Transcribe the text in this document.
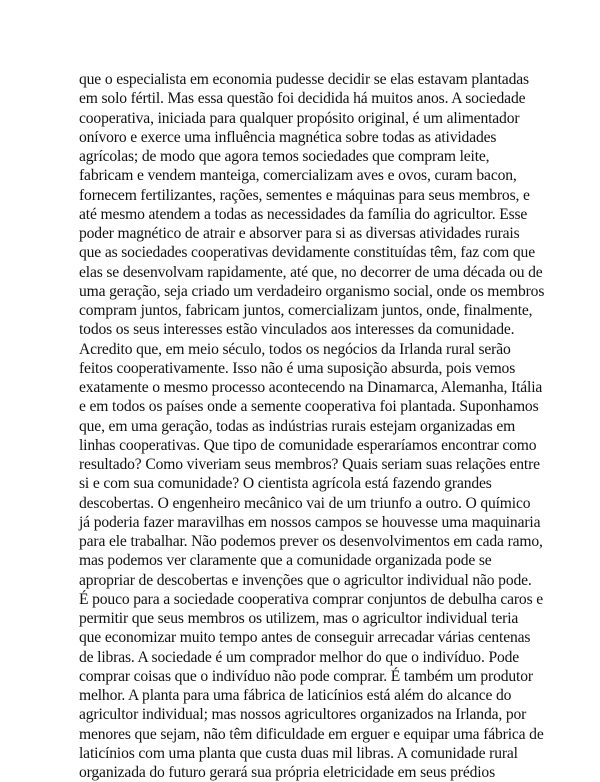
que o especialista em economia pudesse decidir se elas estavam plantadas
em solo fértil. Mas essa questão foi decidida há muitos anos. A sociedade
cooperativa, iniciada para qualquer propósito original, é um alimentador
onívoro e exerce uma influência magnética sobre todas as atividades
agrícolas; de modo que agora temos sociedades que compram leite,
fabricam e vendem manteiga, comercializam aves e ovos, curam bacon,
fornecem fertilizantes, rações, sementes e máquinas para seus membros, e
até mesmo atendem a todas as necessidades da família do agricultor. Esse
poder magnético de atrair e absorver para si as diversas atividades rurais
que as sociedades cooperativas devidamente constituídas têm, faz com que
elas se desenvolvam rapidamente, até que, no decorrer de uma década ou de
uma geração, seja criado um verdadeiro organismo social, onde os membros
compram juntos, fabricam juntos, comercializam juntos, onde, finalmente,
todos os seus interesses estão vinculados aos interesses da comunidade.
Acredito que, em meio século, todos os negócios da Irlanda rural serão
feitos cooperativamente. Isso não é uma suposição absurda, pois vemos
exatamente o mesmo processo acontecendo na Dinamarca, Alemanha, Itália
e em todos os países onde a semente cooperativa foi plantada. Suponhamos
que, em uma geração, todas as indústrias rurais estejam organizadas em
linhas cooperativas. Que tipo de comunidade esperaríamos encontrar como
resultado? Como viveriam seus membros? Quais seriam suas relações entre
si e com sua comunidade? O cientista agrícola está fazendo grandes
descobertas. O engenheiro mecânico vai de um triunfo a outro. O químico
já poderia fazer maravilhas em nossos campos se houvesse uma maquinaria
para ele trabalhar. Não podemos prever os desenvolvimentos em cada ramo,
mas podemos ver claramente que a comunidade organizada pode se
apropriar de descobertas e invenções que o agricultor individual não pode.
É pouco para a sociedade cooperativa comprar conjuntos de debulha caros e
permitir que seus membros os utilizem, mas o agricultor individual teria
que economizar muito tempo antes de conseguir arrecadar várias centenas
de libras. A sociedade é um comprador melhor do que o indivíduo. Pode
comprar coisas que o indivíduo não pode comprar. É também um produtor
melhor. A planta para uma fábrica de laticínios está além do alcance do
agricultor individual; mas nossos agricultores organizados na Irlanda, por
menores que sejam, não têm dificuldade em erguer e equipar uma fábrica de
laticínios com uma planta que custa duas mil libras. A comunidade rural
organizada do futuro gerará sua própria eletricidade em seus prédios
